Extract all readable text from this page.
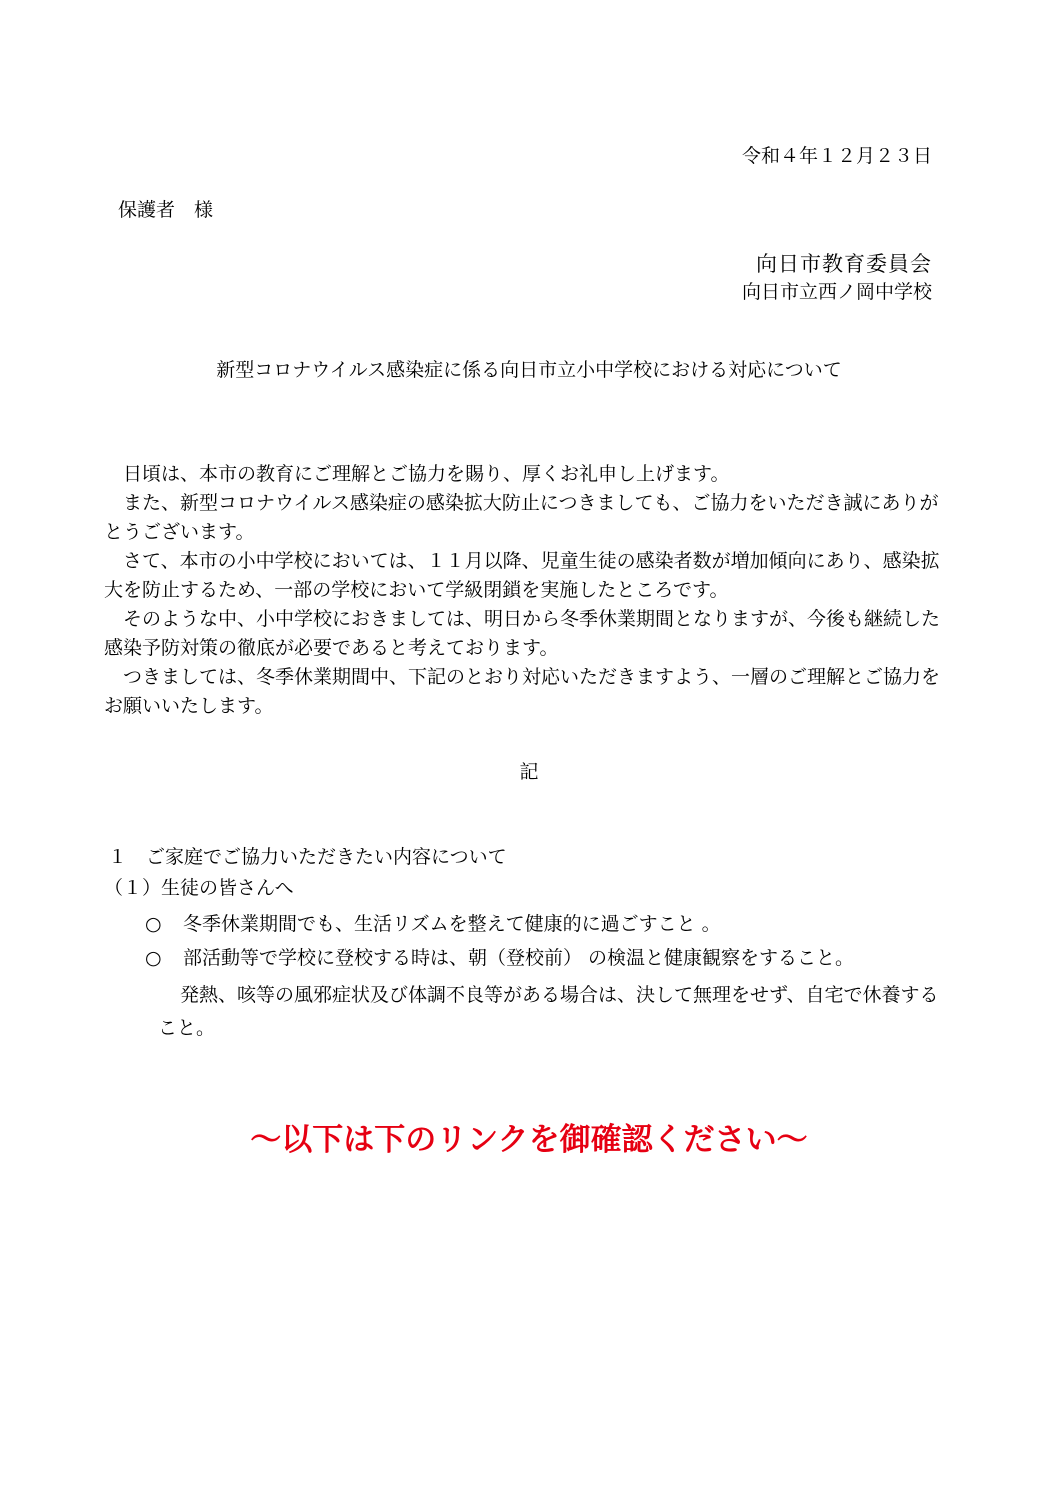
令和４年１２月２３日
保護者　様
向日市教育委員会
向日市立西ノ岡中学校
新型コロナウイルス感染症に係る向日市立小中学校における対応について

日頃は、本市の教育にご理解とご協力を賜り、厚くお礼申し上げます。

また、新型コロナウイルス感染症の感染拡大防止につきましても、ご協力をいただき誠にありがとうございます。

さて、本市の小中学校においては、１１月以降、児童生徒の感染者数が増加傾向にあり、感染拡大を防止するため、一部の学校において学級閉鎖を実施したところです。

そのような中、小中学校におきましては、明日から冬季休業期間となりますが、今後も継続した感染予防対策の徹底が必要であると考えております。

つきましては、冬季休業期間中、下記のとおり対応いただきますよう、一層のご理解とご協力をお願いいたします。

記
１　ご家庭でご協力いただきたい内容について
（１）生徒の皆さんへ
○ 冬季休業期間でも、生活リズムを整えて健康的に過ごすこと 。
○ 部活動等で学校に登校する時は、朝（登校前） の検温と健康観察をすること。
発熱、咳等の風邪症状及び体調不良等がある場合は、決して無理をせず、自宅で休養すること。
～以下は下のリンクを御確認ください～
